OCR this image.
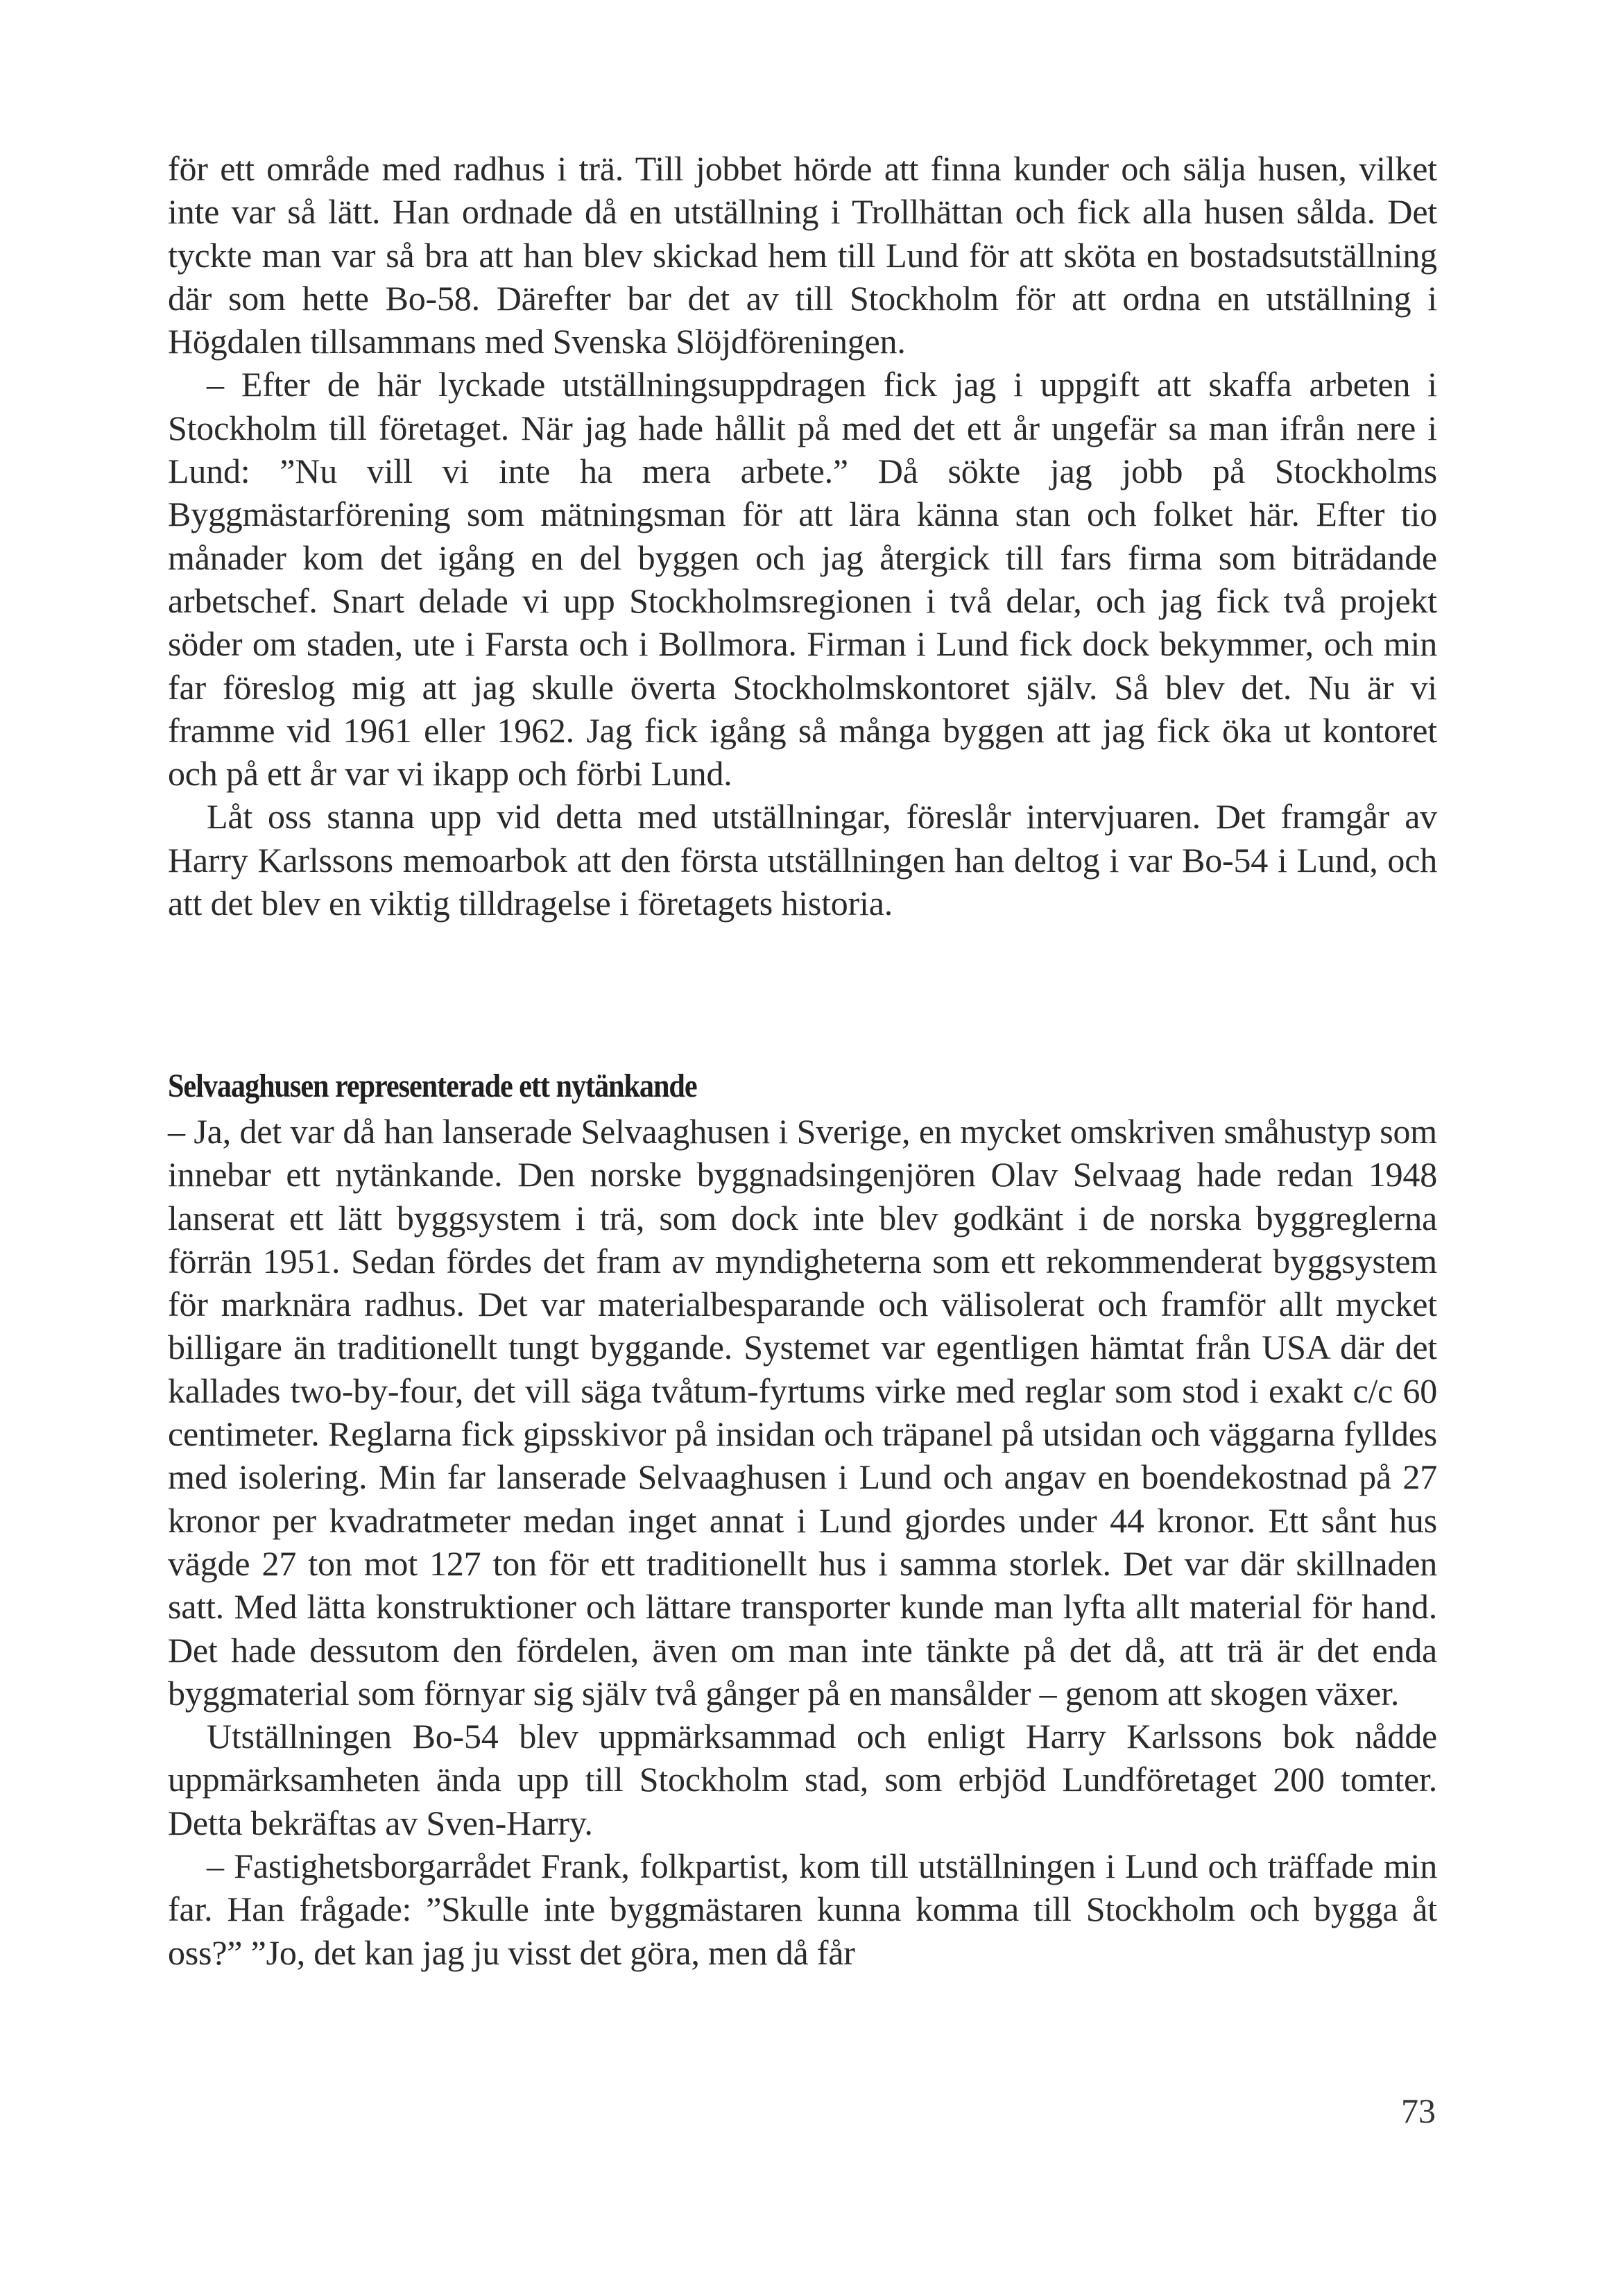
för ett område med radhus i trä. Till jobbet hörde att finna kunder och sälja husen, vilket inte var så lätt. Han ordnade då en utställning i Trollhättan och fick alla husen sålda. Det tyckte man var så bra att han blev skickad hem till Lund för att sköta en bostadsutställning där som hette Bo-58. Därefter bar det av till Stockholm för att ordna en utställning i Högdalen tillsammans med Svenska Slöjdföreningen.

– Efter de här lyckade utställningsuppdragen fick jag i uppgift att skaffa arbeten i Stockholm till företaget. När jag hade hållit på med det ett år ungefär sa man ifrån nere i Lund: ”Nu vill vi inte ha mera arbete.” Då sökte jag jobb på Stockholms Byggmästarförening som mätningsman för att lära känna stan och folket här. Efter tio månader kom det igång en del byggen och jag återgick till fars firma som biträdande arbetschef. Snart delade vi upp Stockholmsregionen i två delar, och jag fick två projekt söder om staden, ute i Farsta och i Bollmora. Firman i Lund fick dock bekymmer, och min far föreslog mig att jag skulle överta Stockholmskontoret själv. Så blev det. Nu är vi framme vid 1961 eller 1962. Jag fick igång så många byggen att jag fick öka ut kontoret och på ett år var vi ikapp och förbi Lund.

Låt oss stanna upp vid detta med utställningar, föreslår intervjuaren. Det framgår av Harry Karlssons memoarbok att den första utställningen han deltog i var Bo-54 i Lund, och att det blev en viktig tilldragelse i företagets historia.

Selvaaghusen representerade ett nytänkande

– Ja, det var då han lanserade Selvaaghusen i Sverige, en mycket omskriven småhustyp som innebar ett nytänkande. Den norske byggnadsingenjören Olav Selvaag hade redan 1948 lanserat ett lätt byggsystem i trä, som dock inte blev godkänt i de norska byggreglerna förrän 1951. Sedan fördes det fram av myndigheterna som ett rekommenderat byggsystem för marknära radhus. Det var materialbesparande och välisolerat och framför allt mycket billigare än traditionellt tungt byggande. Systemet var egentligen hämtat från USA där det kallades two-by-four, det vill säga tvåtum-fyrtums virke med reglar som stod i exakt c/c 60 centimeter. Reglarna fick gipsskivor på insidan och träpanel på utsidan och väggarna fylldes med isolering. Min far lanserade Selvaaghusen i Lund och angav en boendekostnad på 27 kronor per kvadratmeter medan inget annat i Lund gjordes under 44 kronor. Ett sånt hus vägde 27 ton mot 127 ton för ett traditionellt hus i samma storlek. Det var där skillnaden satt. Med lätta konstruktioner och lättare transporter kunde man lyfta allt material för hand. Det hade dessutom den fördelen, även om man inte tänkte på det då, att trä är det enda byggmaterial som förnyar sig själv två gånger på en mansålder – genom att skogen växer.

Utställningen Bo-54 blev uppmärksammad och enligt Harry Karlssons bok nådde uppmärksamheten ända upp till Stockholm stad, som erbjöd Lundföretaget 200 tomter. Detta bekräftas av Sven-Harry.

– Fastighetsborgarrådet Frank, folkpartist, kom till utställningen i Lund och träffade min far. Han frågade: ”Skulle inte byggmästaren kunna komma till Stockholm och bygga åt oss?” ”Jo, det kan jag ju visst det göra, men då får

73
